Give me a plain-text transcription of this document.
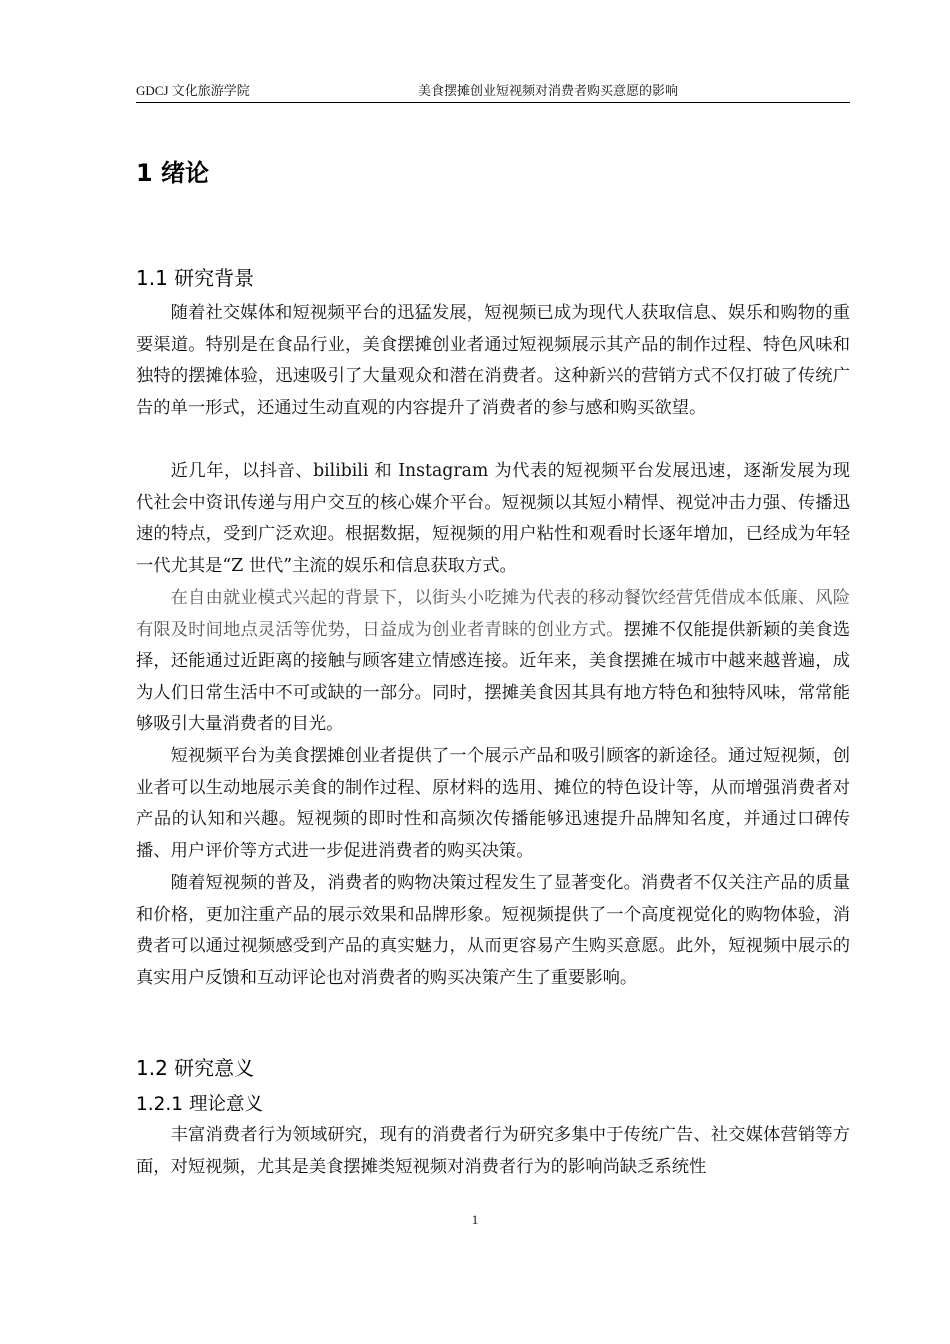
GDCJ 文化旅游学院	美食摆摊创业短视频对消费者购买意愿的影响
1 绪论
1.1 研究背景

随着社交媒体和短视频平台的迅猛发展，短视频已成为现代人获取信息、娱乐和购物的重要渠道。特别是在食品行业，美食摆摊创业者通过短视频展示其产品的制作过程、特色风味和独特的摆摊体验，迅速吸引了大量观众和潜在消费者。这种新兴的营销方式不仅打破了传统广告的单一形式，还通过生动直观的内容提升了消费者的参与感和购买欲望。

近几年，以抖音、bilibili 和 Instagram 为代表的短视频平台发展迅速，逐渐发展为现代社会中资讯传递与用户交互的核心媒介平台。短视频以其短小精悍、视觉冲击力强、传播迅速的特点，受到广泛欢迎。根据数据，短视频的用户粘性和观看时长逐年增加，已经成为年轻一代尤其是“Z 世代”主流的娱乐和信息获取方式。

在自由就业模式兴起的背景下，以街头小吃摊为代表的移动餐饮经营凭借成本低廉、风险有限及时间地点灵活等优势，日益成为创业者青睐的创业方式。摆摊不仅能提供新颖的美食选择，还能通过近距离的接触与顾客建立情感连接。近年来，美食摆摊在城市中越来越普遍，成为人们日常生活中不可或缺的一部分。同时，摆摊美食因其具有地方特色和独特风味，常常能够吸引大量消费者的目光。

短视频平台为美食摆摊创业者提供了一个展示产品和吸引顾客的新途径。通过短视频，创业者可以生动地展示美食的制作过程、原材料的选用、摊位的特色设计等，从而增强消费者对产品的认知和兴趣。短视频的即时性和高频次传播能够迅速提升品牌知名度，并通过口碑传播、用户评价等方式进一步促进消费者的购买决策。

随着短视频的普及，消费者的购物决策过程发生了显著变化。消费者不仅关注产品的质量和价格，更加注重产品的展示效果和品牌形象。短视频提供了一个高度视觉化的购物体验，消费者可以通过视频感受到产品的真实魅力，从而更容易产生购买意愿。此外，短视频中展示的真实用户反馈和互动评论也对消费者的购买决策产生了重要影响。

1.2 研究意义
1.2.1 理论意义

丰富消费者行为领域研究，现有的消费者行为研究多集中于传统广告、社交媒体营销等方面，对短视频，尤其是美食摆摊类短视频对消费者行为的影响尚缺乏系统性

1
